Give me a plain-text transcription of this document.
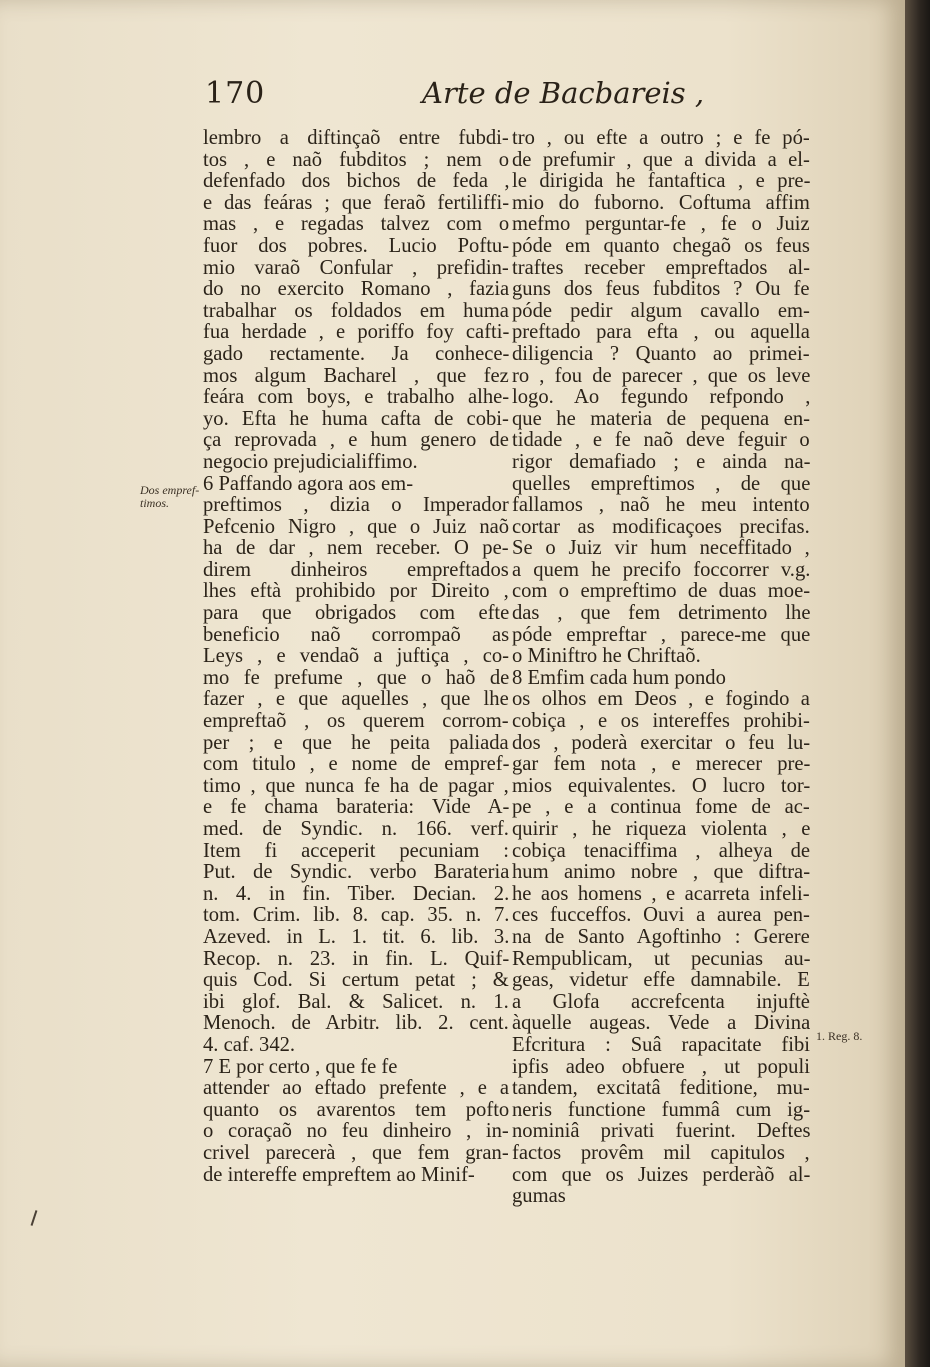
170	Arte de Bacbareis ,
Dos empref-
timos.
1. Reg. 8.
lembro a diftinçaõ entre fubdi-
tos , e naõ fubditos ; nem o
defenfado dos bichos de feda ,
e das feáras ; que feraõ fertiliffi-
mas , e regadas talvez com o
fuor dos pobres. Lucio Poftu-
mio varaõ Confular , prefidin-
do no exercito Romano , fazia
trabalhar os foldados em huma
fua herdade , e poriffo foy cafti-
gado rectamente. Ja conhece-
mos algum Bacharel , que fez
feára com boys, e trabalho alhe-
yo. Efta he huma cafta de cobi-
ça reprovada , e hum genero de
negocio prejudicialiffimo.
6 Paffando agora aos em-
preftimos , dizia o Imperador
Pefcenio Nigro , que o Juiz naõ
ha de dar , nem receber. O pe-
direm dinheiros empreftados
lhes eftà prohibido por Direito ,
para que obrigados com efte
beneficio naõ corrompaõ as
Leys , e vendaõ a juftiça , co-
mo fe prefume , que o haõ de
fazer , e que aquelles , que lhe
empreftaõ , os querem corrom-
per ; e que he peita paliada
com titulo , e nome de empref-
timo , que nunca fe ha de pagar ,
e fe chama barateria: Vide A-
med. de Syndic. n. 166. verf.
Item fi acceperit pecuniam :
Put. de Syndic. verbo Barateria
n. 4. in fin. Tiber. Decian. 2.
tom. Crim. lib. 8. cap. 35. n. 7.
Azeved. in L. 1. tit. 6. lib. 3.
Recop. n. 23. in fin. L. Quif-
quis Cod. Si certum petat ; &
ibi glof. Bal. & Salicet. n. 1.
Menoch. de Arbitr. lib. 2. cent.
4. caf. 342.
7 E por certo , que fe fe
attender ao eftado prefente , e a
quanto os avarentos tem pofto
o coraçaõ no feu dinheiro , in-
crivel parecerà , que fem gran-
de intereffe empreftem ao Minif-
tro , ou efte a outro ; e fe pó-
de prefumir , que a divida a el-
le dirigida he fantaftica , e pre-
mio do fuborno. Coftuma affim
mefmo perguntar-fe , fe o Juiz
póde em quanto chegaõ os feus
traftes receber empreftados al-
guns dos feus fubditos ? Ou fe
póde pedir algum cavallo em-
preftado para efta , ou aquella
diligencia ? Quanto ao primei-
ro , fou de parecer , que os leve
logo. Ao fegundo refpondo ,
que he materia de pequena en-
tidade , e fe naõ deve feguir o
rigor demafiado ; e ainda na-
quelles empreftimos , de que
fallamos , naõ he meu intento
cortar as modificaçoes precifas.
Se o Juiz vir hum neceffitado ,
a quem he precifo foccorrer v.g.
com o empreftimo de duas moe-
das , que fem detrimento lhe
póde empreftar , parece-me que
o Miniftro he Chriftaõ.
8 Emfim cada hum pondo
os olhos em Deos , e fogindo a
cobiça , e os intereffes prohibi-
dos , poderà exercitar o feu lu-
gar fem nota , e merecer pre-
mios equivalentes. O lucro tor-
pe , e a continua fome de ac-
quirir , he riqueza violenta , e
cobiça tenaciffima , alheya de
hum animo nobre , que diftra-
he aos homens , e acarreta infeli-
ces fucceffos. Ouvi a aurea pen-
na de Santo Agoftinho : Gerere
Rempublicam, ut pecunias au-
geas, videtur effe damnabile. E
a Glofa accrefcenta injuftè
àquelle augeas. Vede a Divina
Efcritura : Suâ rapacitate fibi
ipfis adeo obfuere , ut populi
tandem, excitatâ feditione, mu-
neris functione fummâ cum ig-
nominiâ privati fuerint. Deftes
factos provêm mil capitulos ,
com que os Juizes perderàõ al-
gumas
